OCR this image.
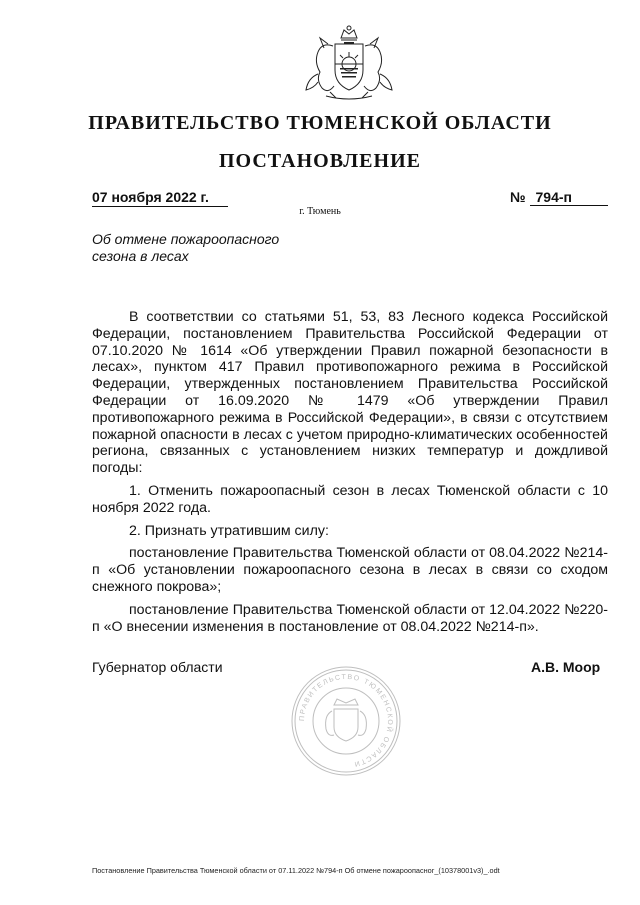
ПРАВИТЕЛЬСТВО ТЮМЕНСКОЙ ОБЛАСТИ
ПОСТАНОВЛЕНИЕ
07 ноября 2022 г.	№ 794-п
г. Тюмень
Об отмене пожароопасного сезона в лесах

В соответствии со статьями 51, 53, 83 Лесного кодекса Российской Федерации, постановлением Правительства Российской Федерации от 07.10.2020 № 1614 «Об утверждении Правил пожарной безопасности в лесах», пунктом 417 Правил противопожарного режима в Российской Федерации, утвержденных постановлением Правительства Российской Федерации от 16.09.2020 № 1479 «Об утверждении Правил противопожарного режима в Российской Федерации», в связи с отсутствием пожарной опасности в лесах с учетом природно-климатических особенностей региона, связанных с установлением низких температур и дождливой погоды:

1. Отменить пожароопасный сезон в лесах Тюменской области с 10 ноября 2022 года.

2. Признать утратившим силу:

постановление Правительства Тюменской области от 08.04.2022 №214-п «Об установлении пожароопасного сезона в лесах в связи со сходом снежного покрова»;

постановление Правительства Тюменской области от 12.04.2022 №220-п «О внесении изменения в постановление от 08.04.2022 №214-п».

ПРАВИТЕЛЬСТВО ТЮМЕНСКОЙ ОБЛАСТИ
Губернатор области	А.В. Моор
Постановление Правительства Тюменской области от 07.11.2022 №794-п Об отмене пожароопасног_(10378001v3)_.odt
